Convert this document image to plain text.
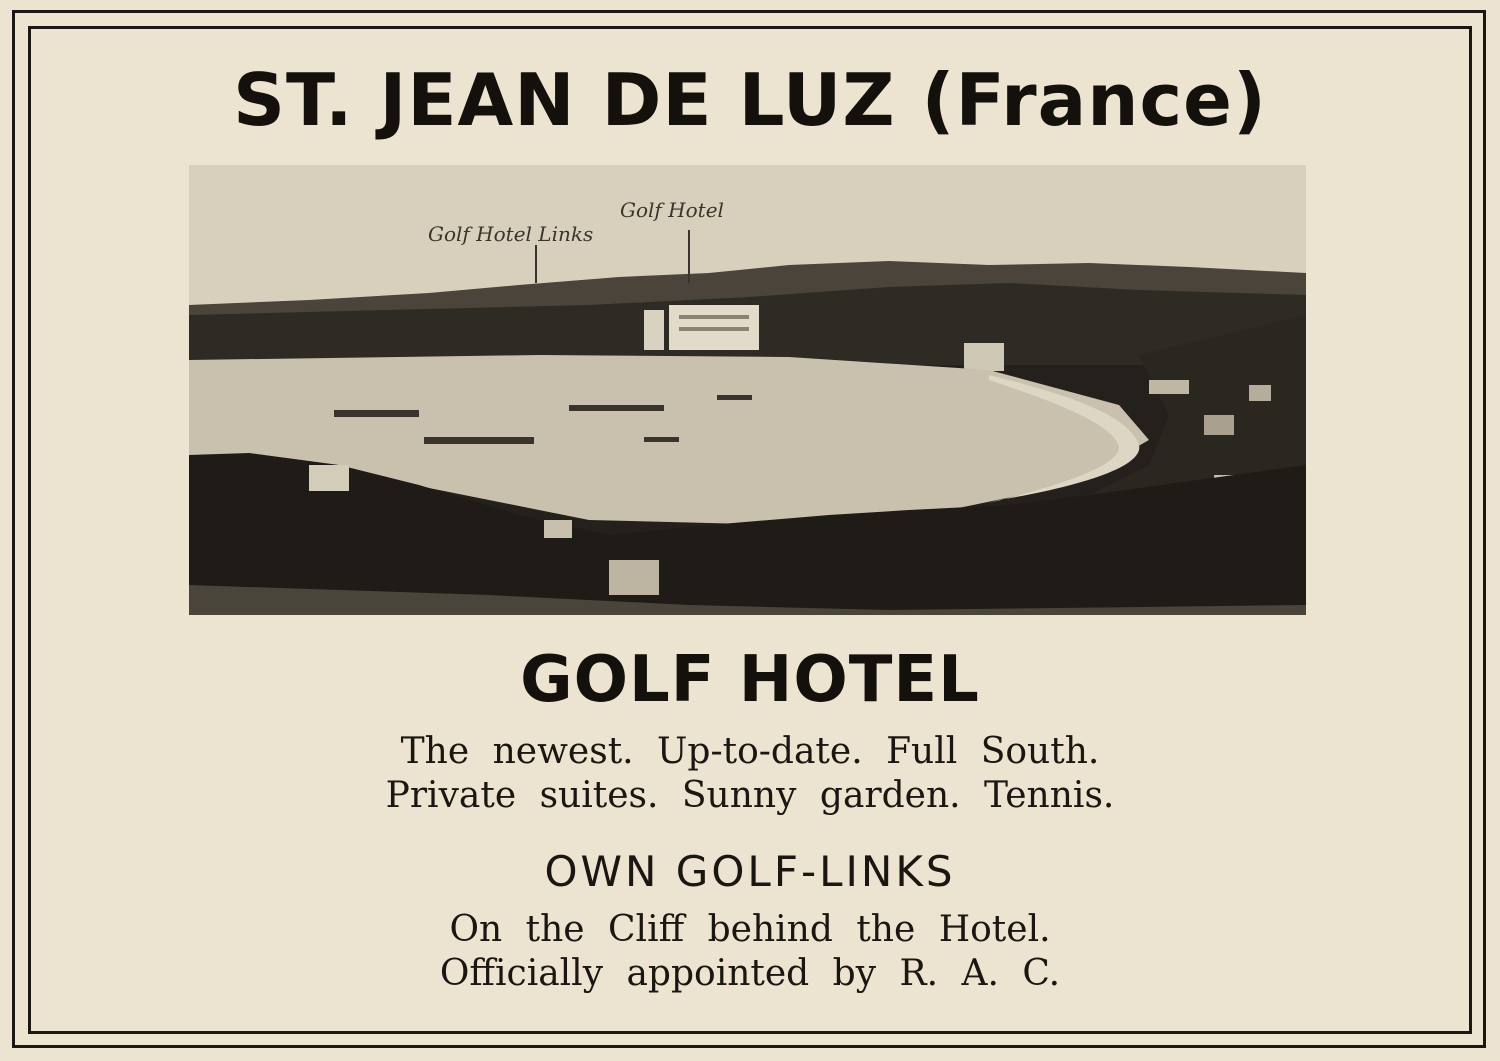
ST. JEAN DE LUZ (France)
Golf Hotel
Golf Hotel Links
GOLF HOTEL
The newest. Up-to-date. Full South.
Private suites. Sunny garden. Tennis.
OWN GOLF-LINKS
On the Cliff behind the Hotel.
Officially appointed by R. A. C.
